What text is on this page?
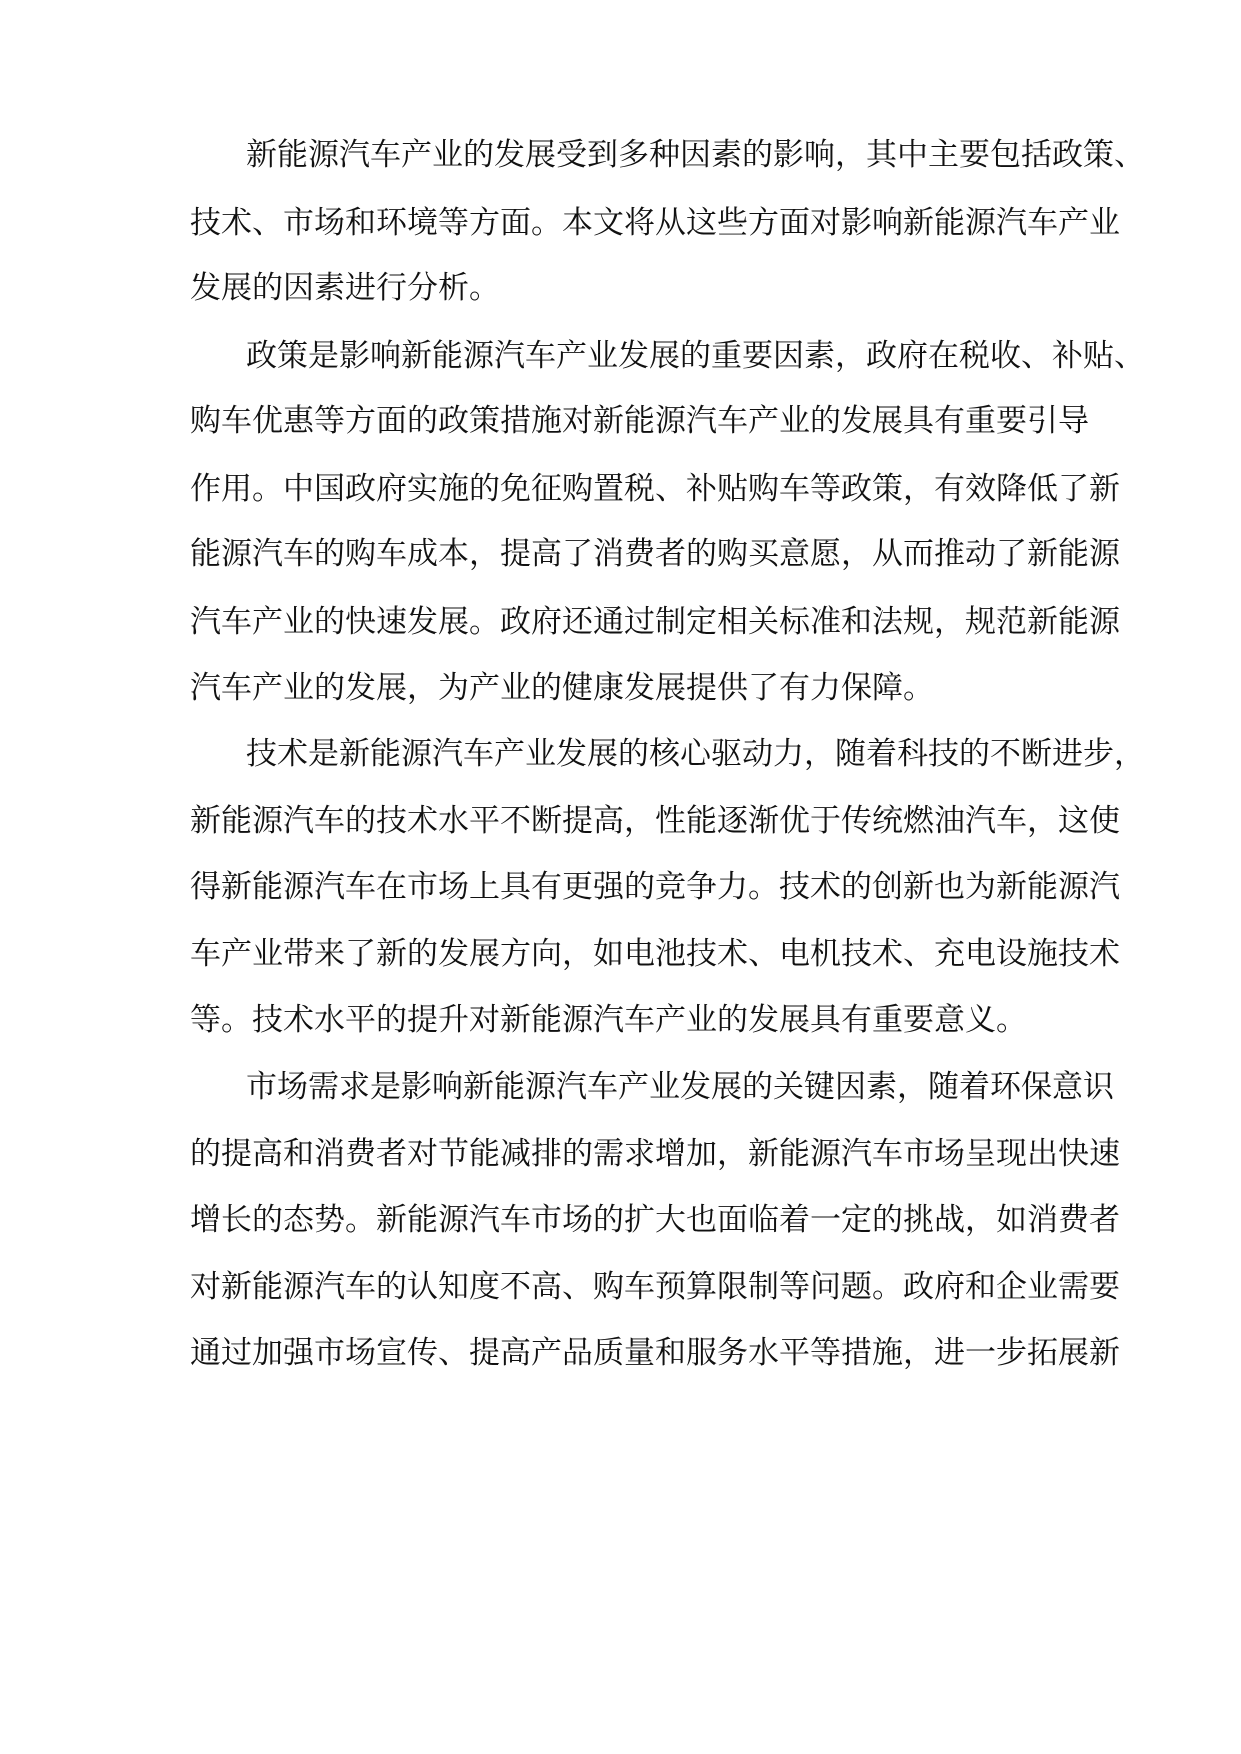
新能源汽车产业的发展受到多种因素的影响，其中主要包括政策、
技术、市场和环境等方面。本文将从这些方面对影响新能源汽车产业
发展的因素进行分析。
政策是影响新能源汽车产业发展的重要因素，政府在税收、补贴、
购车优惠等方面的政策措施对新能源汽车产业的发展具有重要引导
作用。中国政府实施的免征购置税、补贴购车等政策，有效降低了新
能源汽车的购车成本，提高了消费者的购买意愿，从而推动了新能源
汽车产业的快速发展。政府还通过制定相关标准和法规，规范新能源
汽车产业的发展，为产业的健康发展提供了有力保障。
技术是新能源汽车产业发展的核心驱动力，随着科技的不断进步，
新能源汽车的技术水平不断提高，性能逐渐优于传统燃油汽车，这使
得新能源汽车在市场上具有更强的竞争力。技术的创新也为新能源汽
车产业带来了新的发展方向，如电池技术、电机技术、充电设施技术
等。技术水平的提升对新能源汽车产业的发展具有重要意义。
市场需求是影响新能源汽车产业发展的关键因素，随着环保意识
的提高和消费者对节能减排的需求增加，新能源汽车市场呈现出快速
增长的态势。新能源汽车市场的扩大也面临着一定的挑战，如消费者
对新能源汽车的认知度不高、购车预算限制等问题。政府和企业需要
通过加强市场宣传、提高产品质量和服务水平等措施，进一步拓展新
